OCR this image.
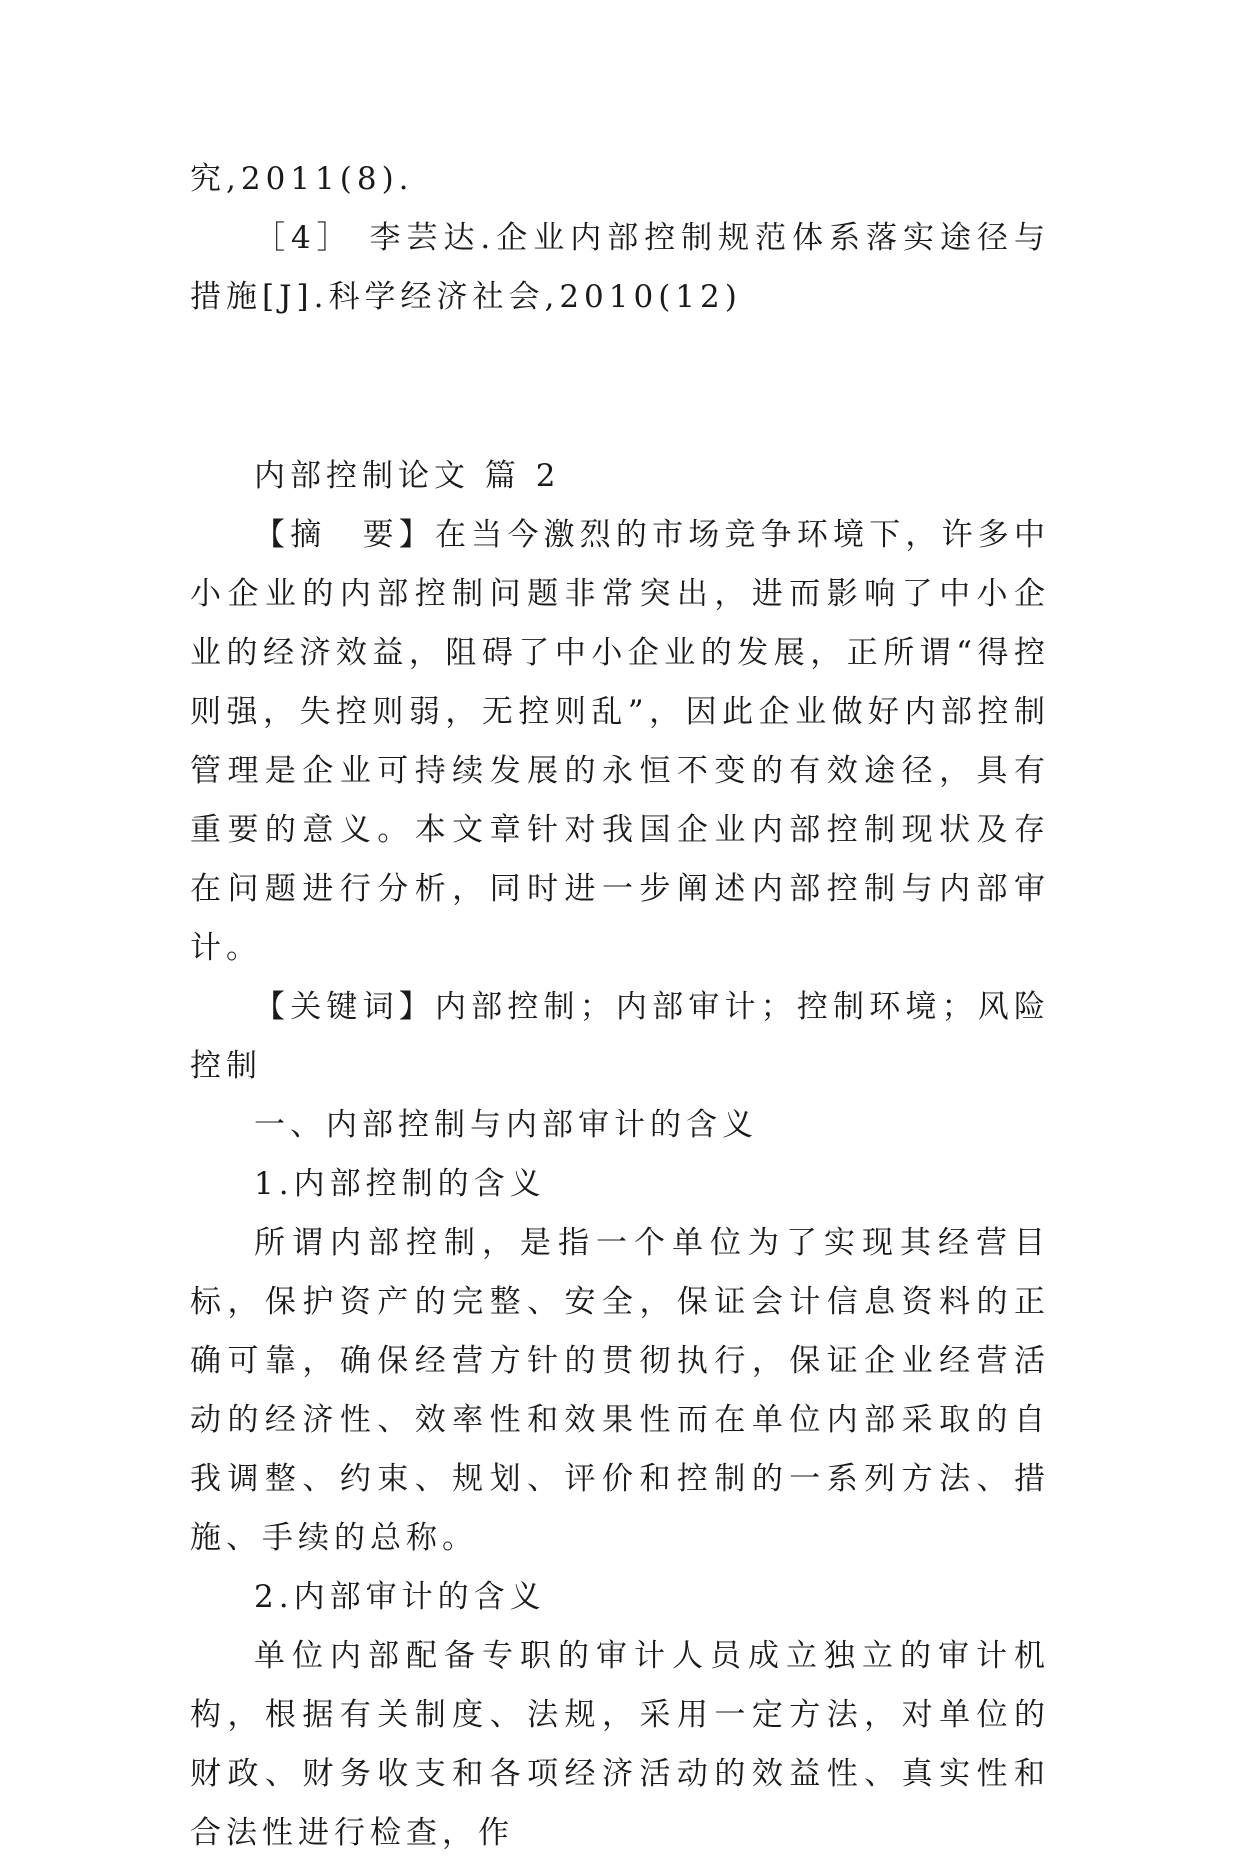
究,2011(8).

［4］ 李芸达.企业内部控制规范体系落实途径与措施[J].科学经济社会,2010(12)

内部控制论文 篇 2

【摘　要】在当今激烈的市场竞争环境下，许多中小企业的内部控制问题非常突出，进而影响了中小企业的经济效益，阻碍了中小企业的发展，正所谓“得控则强，失控则弱，无控则乱”，因此企业做好内部控制管理是企业可持续发展的永恒不变的有效途径，具有重要的意义。本文章针对我国企业内部控制现状及存在问题进行分析，同时进一步阐述内部控制与内部审计。

【关键词】内部控制；内部审计；控制环境；风险控制

一、内部控制与内部审计的含义

1.内部控制的含义

所谓内部控制，是指一个单位为了实现其经营目标，保护资产的完整、安全，保证会计信息资料的正确可靠，确保经营方针的贯彻执行，保证企业经营活动的经济性、效率性和效果性而在单位内部采取的自我调整、约束、规划、评价和控制的一系列方法、措施、手续的总称。

2.内部审计的含义

单位内部配备专职的审计人员成立独立的审计机构，根据有关制度、法规，采用一定方法，对单位的财政、财务收支和各项经济活动的效益性、真实性和合法性进行检查，作
